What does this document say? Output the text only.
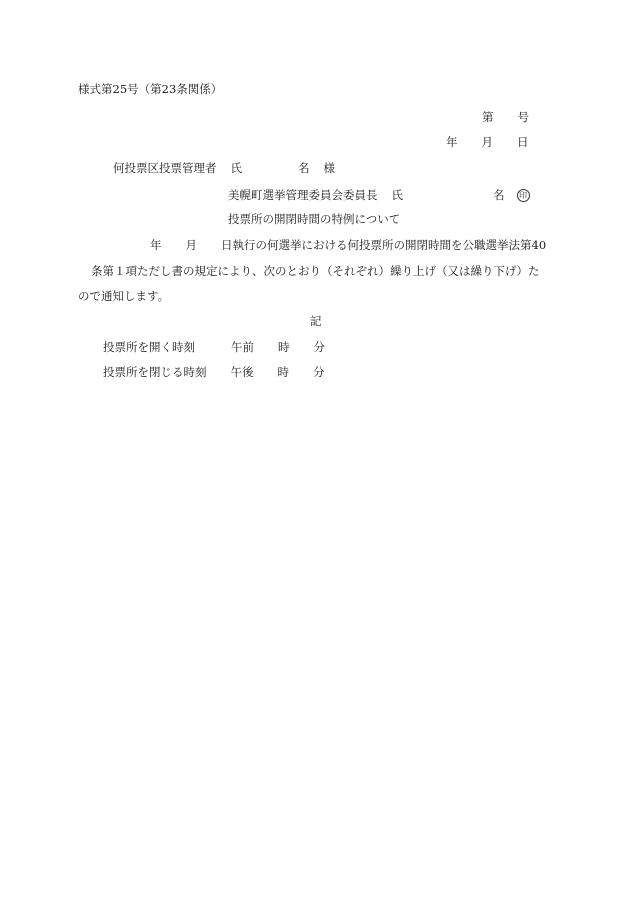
様式第25号（第23条関係）
第 号
年 月 日
何投票区投票管理者 氏	名 様
美幌町選挙管理委員会委員長 氏	名 印
投票所の開閉時間の特例について
年 月 日執行の何選挙における何投票所の開閉時間を公職選挙法第40
条第１項ただし書の規定により、次のとおり（それぞれ）繰り上げ（又は繰り下げ）た
ので通知します。
記
投票所を開く時刻	午前 時 分
投票所を閉じる時刻 午後 時 分
